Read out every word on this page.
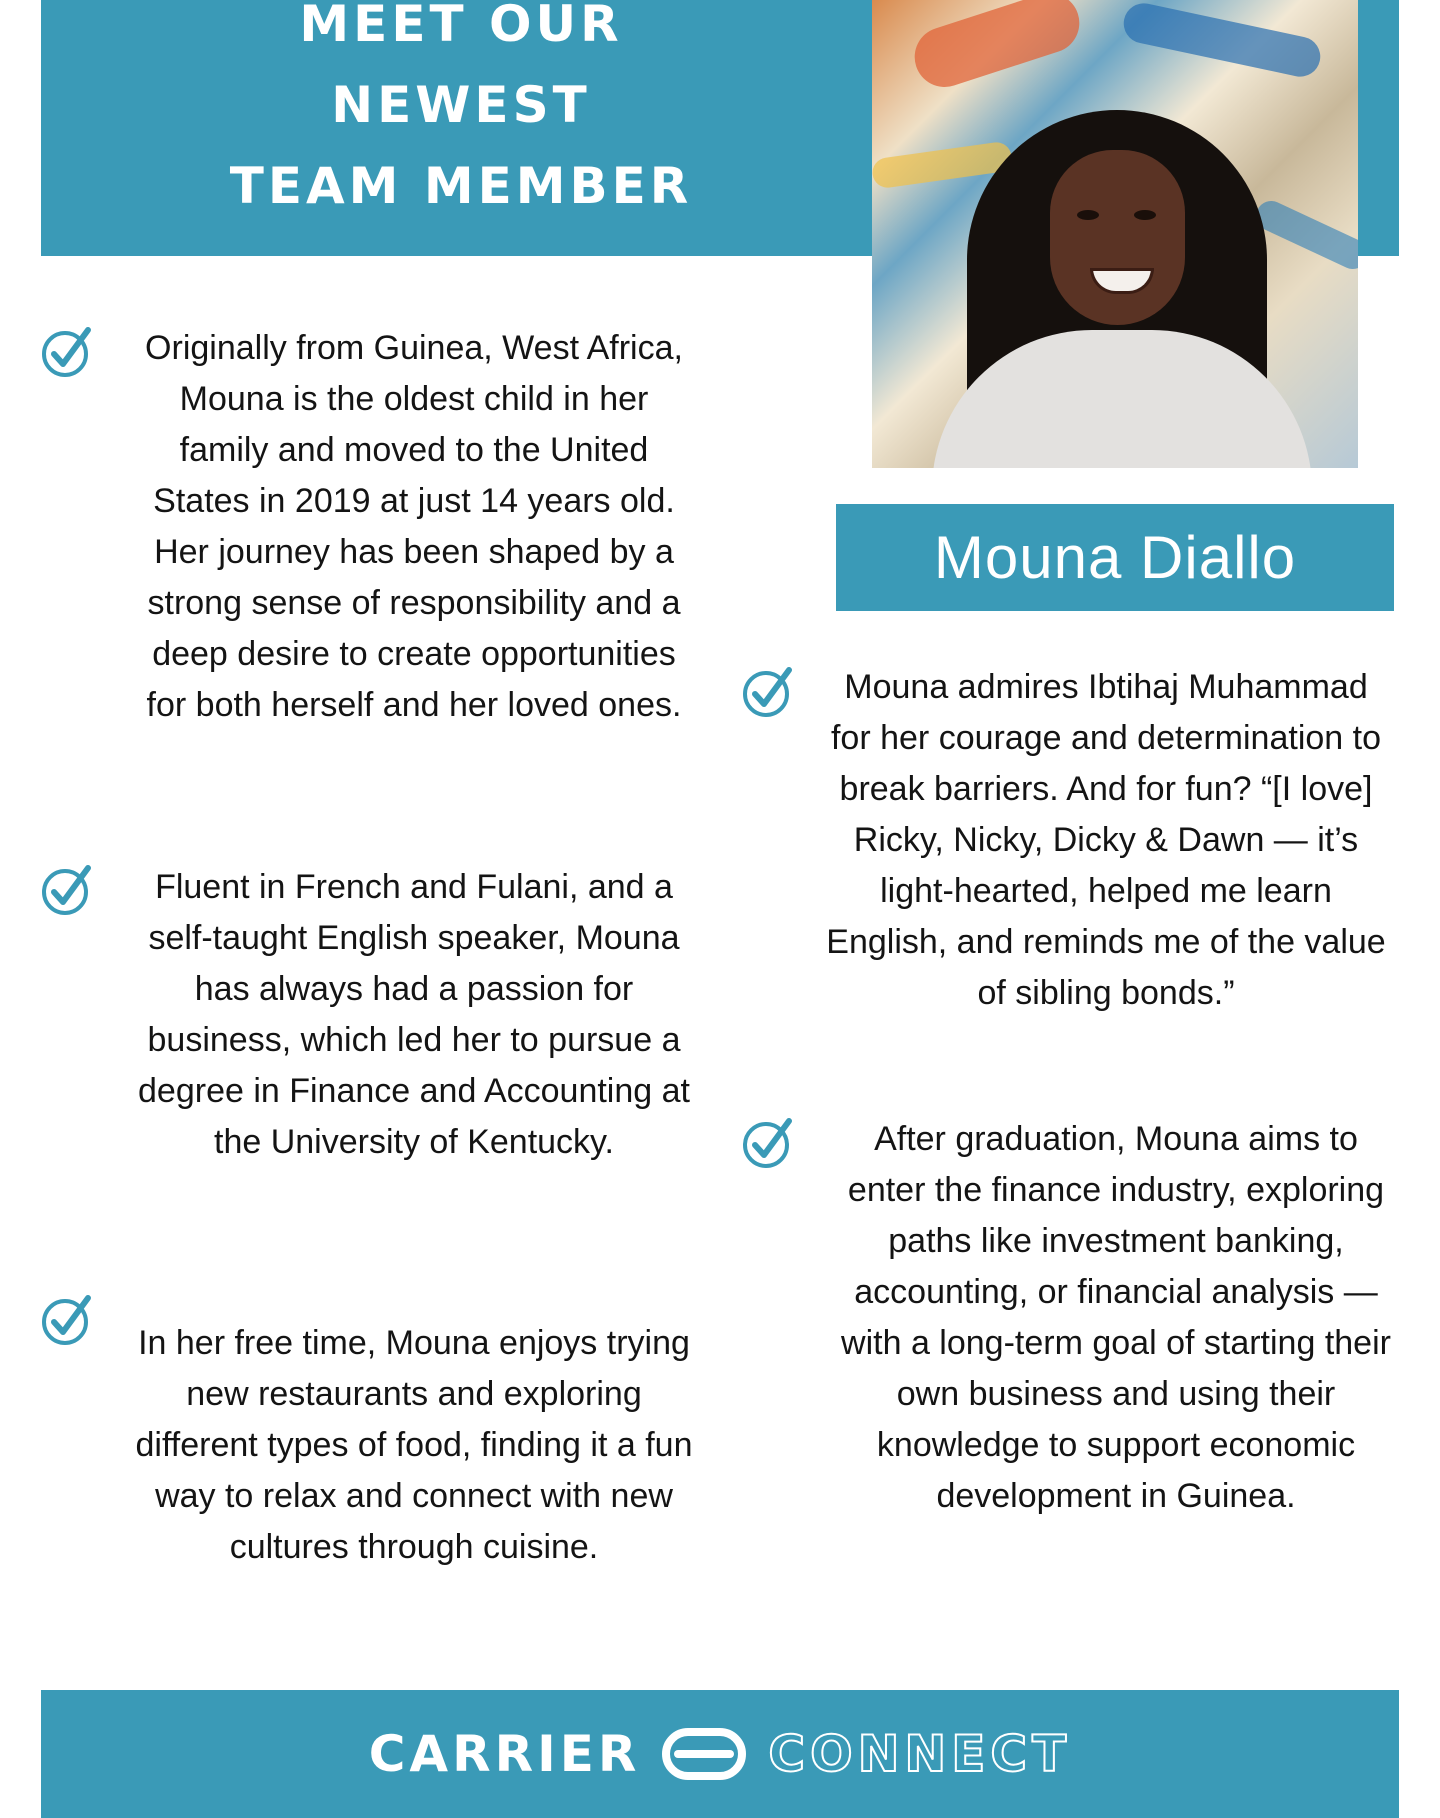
MEET OUR
NEWEST
TEAM MEMBER
Mouna Diallo
Originally from Guinea, West Africa, Mouna is the oldest child in her family and moved to the United States in 2019 at just 14 years old. Her journey has been shaped by a strong sense of responsibility and a deep desire to create opportunities for both herself and her loved ones.
Fluent in French and Fulani, and a self-taught English speaker, Mouna has always had a passion for business, which led her to pursue a degree in Finance and Accounting at the University of Kentucky.
In her free time, Mouna enjoys trying new restaurants and exploring different types of food, finding it a fun way to relax and connect with new cultures through cuisine.
Mouna admires Ibtihaj Muhammad for her courage and determination to break barriers. And for fun? “[I love] Ricky, Nicky, Dicky & Dawn — it’s light-hearted, helped me learn English, and reminds me of the value of sibling bonds.”
After graduation, Mouna aims to enter the finance industry, exploring paths like investment banking, accounting, or financial analysis — with a long-term goal of starting their own business and using their knowledge to support economic development in Guinea.
CARRIER	CONNECT
